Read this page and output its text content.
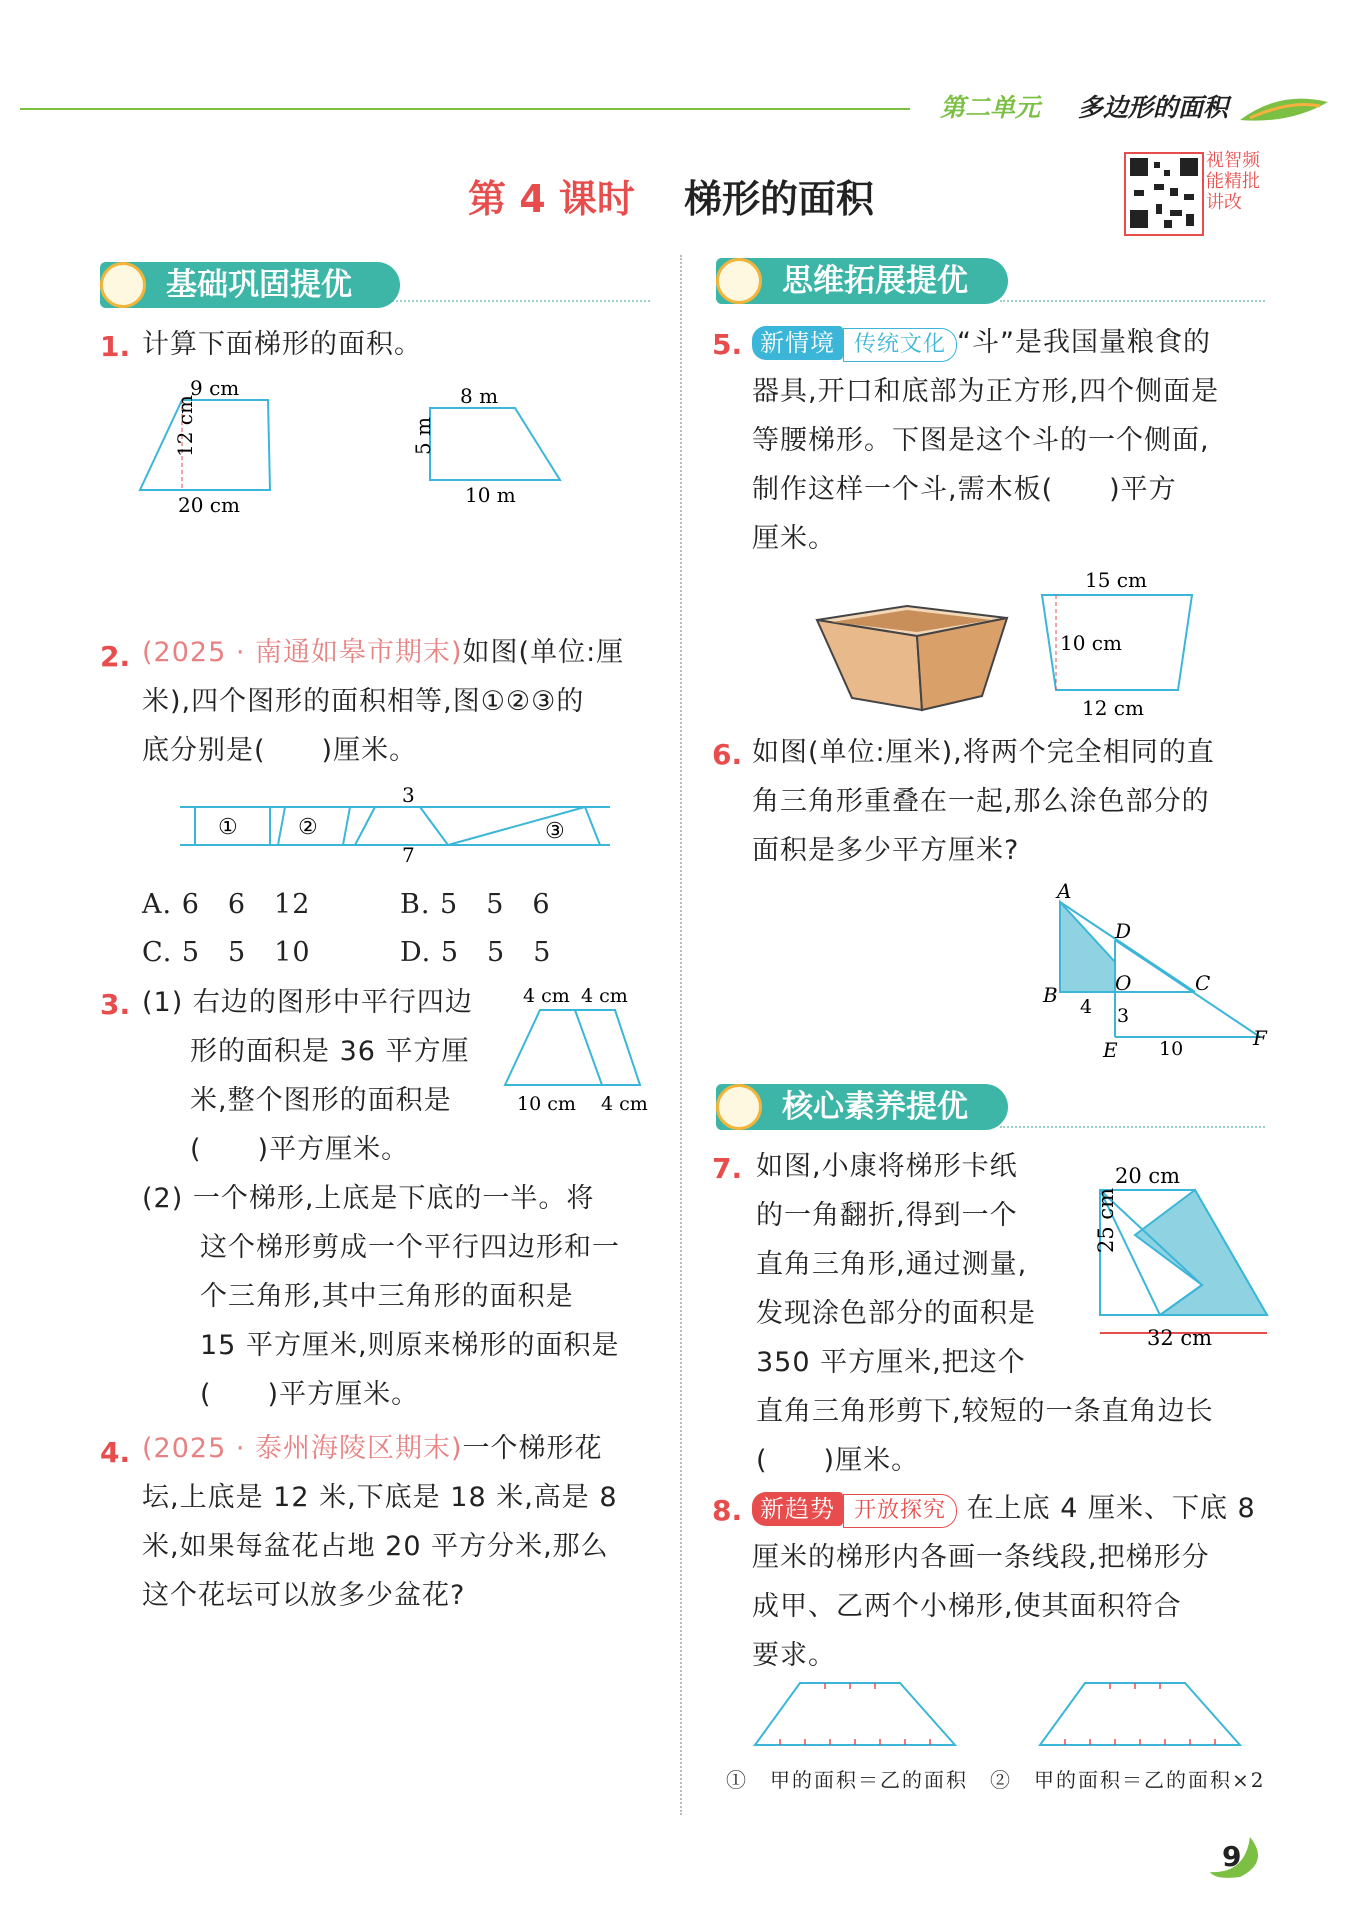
第二单元 多边形的面积
第 4 课时 梯形的面积
视智频能精批讲改
基础巩固提优
1. 计算下面梯形的面积。
9 cm
12 cm
20 cm
8 m
5 m
10 m
2. (2025 · 南通如皋市期末)如图(单位:厘
米),四个图形的面积相等,图①②③的
底分别是(　　)厘米。
3
7
①	②	③
A. 6　6　12	B. 5　5　6
C. 5　5　10	D. 5　5　5
3. (1) 右边的图形中平行四边
形的面积是 36 平方厘
米,整个图形的面积是
(　　)平方厘米。
4 cm 4 cm
10 cm 4 cm
(2) 一个梯形,上底是下底的一半。将
这个梯形剪成一个平行四边形和一
个三角形,其中三角形的面积是
15 平方厘米,则原来梯形的面积是
(　　)平方厘米。
4. (2025 · 泰州海陵区期末)一个梯形花
坛,上底是 12 米,下底是 18 米,高是 8
米,如果每盆花占地 20 平方分米,那么
这个花坛可以放多少盆花?
思维拓展提优
5. 新情境 传统文化 “斗”是我国量粮食的
器具,开口和底部为正方形,四个侧面是
等腰梯形。下图是这个斗的一个侧面,
制作这样一个斗,需木板(　　)平方
厘米。
15 cm
10 cm
12 cm
6. 如图(单位:厘米),将两个完全相同的直
角三角形重叠在一起,那么涂色部分的
面积是多少平方厘米?
A
B
D
O	C
E	F
4 3
10
核心素养提优
7. 如图,小康将梯形卡纸
的一角翻折,得到一个
直角三角形,通过测量,
发现涂色部分的面积是
350 平方厘米,把这个
直角三角形剪下,较短的一条直角边长
(　　)厘米。
20 cm
25 cm
32 cm
8. 新趋势 开放探究 在上底 4 厘米、下底 8
厘米的梯形内各画一条线段,把梯形分
成甲、乙两个小梯形,使其面积符合
要求。
①　甲的面积＝乙的面积　②　甲的面积＝乙的面积×2
9
